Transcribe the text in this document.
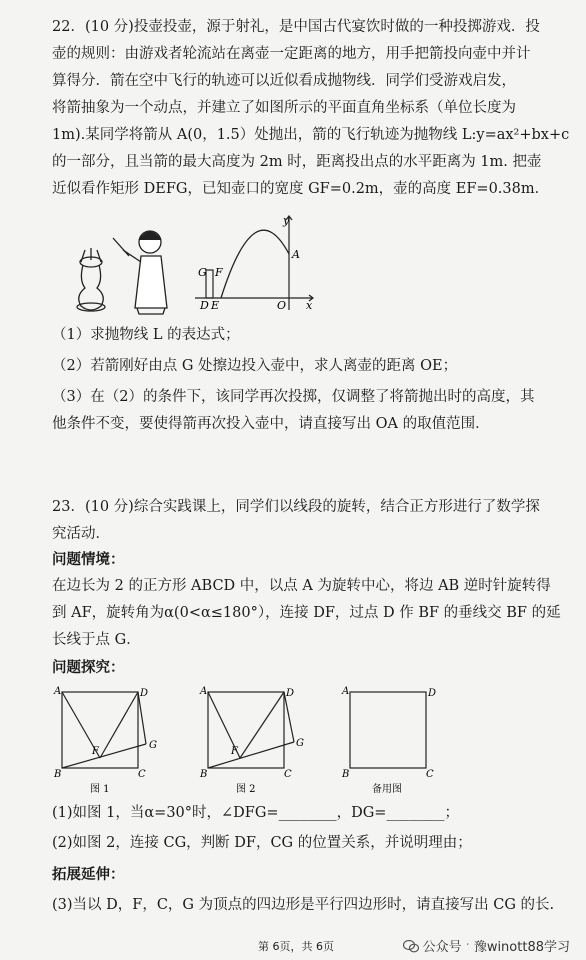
22．(10 分)投壶投壶，源于射礼，是中国古代宴饮时做的一种投掷游戏．投
壶的规则：由游戏者轮流站在离壶一定距离的地方，用手把箭投向壶中并计
算得分．箭在空中飞行的轨迹可以近似看成抛物线．同学们受游戏启发，
将箭抽象为一个动点，并建立了如图所示的平面直角坐标系（单位长度为
1m).某同学将箭从 A(0，1.5）处抛出，箭的飞行轨迹为抛物线 L:y=ax²+bx+c
的一部分，且当箭的最大高度为 2m 时，距离投出点的水平距离为 1m. 把壶
近似看作矩形 DEFG，已知壶口的宽度 GF=0.2m，壶的高度 EF=0.38m．
y
A
G F
D E	O x
（1）求抛物线 L 的表达式；
（2）若箭刚好由点 G 处擦边投入壶中，求人离壶的距离 OE；
（3）在（2）的条件下，该同学再次投掷，仅调整了将箭抛出时的高度，其
他条件不变，要使得箭再次投入壶中，请直接写出 OA 的取值范围．
23．(10 分)综合实践课上，同学们以线段的旋转，结合正方形进行了数学探
究活动．
问题情境：
在边长为 2 的正方形 ABCD 中，以点 A 为旋转中心，将边 AB 逆时针旋转得
到 AF，旋转角为α(0<α≤180°），连接 DF，过点 D 作 BF 的垂线交 BF 的延
长线于点 G．
问题探究：
A	D
F
G
B	C
图 1
A	D
F
G
B	C
图 2
A	D
B	C
备用图
(1)如图 1，当α=30°时，∠DFG=________，DG=________；
(2)如图 2，连接 CG，判断 DF，CG 的位置关系，并说明理由；
拓展延伸：
(3)当以 D，F，C，G 为顶点的四边形是平行四边形时，请直接写出 CG 的长.
第 6页，共 6页	公众号 · 豫winott88学习
